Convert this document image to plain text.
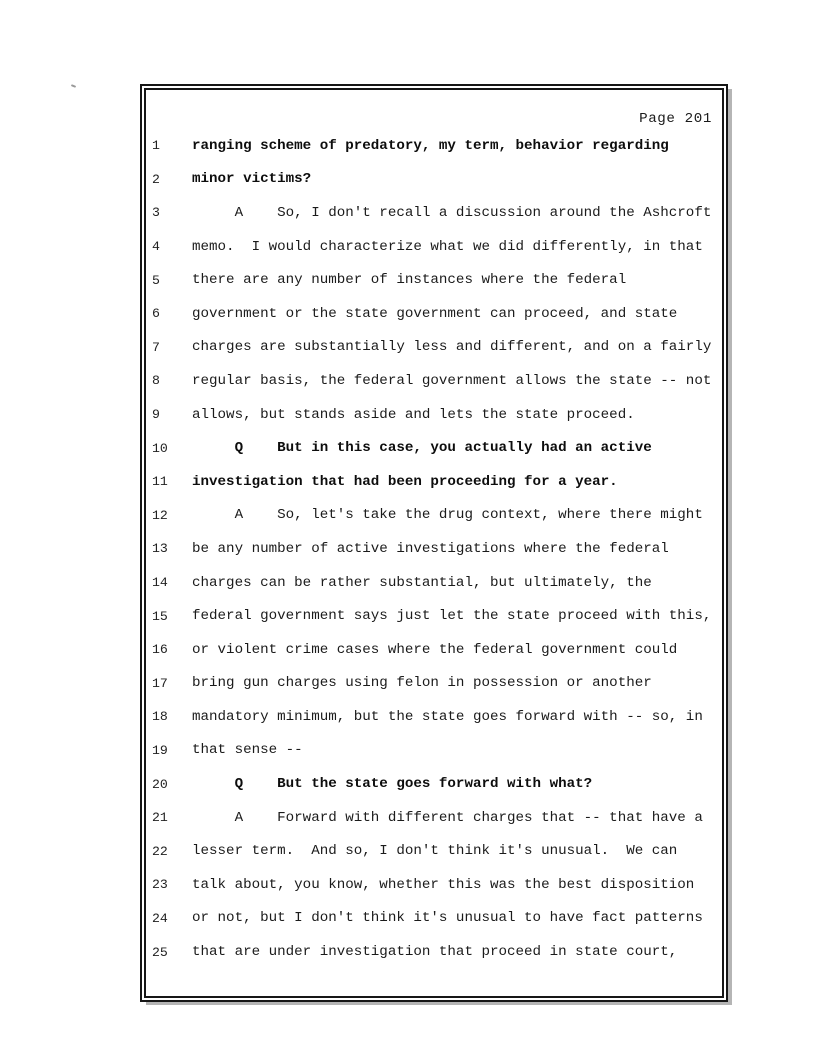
Page 201
1	ranging scheme of predatory, my term, behavior regarding
2	minor victims?
3	A    So, I don't recall a discussion around the Ashcroft
4	memo.  I would characterize what we did differently, in that
5	there are any number of instances where the federal
6	government or the state government can proceed, and state
7	charges are substantially less and different, and on a fairly
8	regular basis, the federal government allows the state -- not
9	allows, but stands aside and lets the state proceed.
10	Q    But in this case, you actually had an active
11	investigation that had been proceeding for a year.
12	A    So, let's take the drug context, where there might
13	be any number of active investigations where the federal
14	charges can be rather substantial, but ultimately, the
15	federal government says just let the state proceed with this,
16	or violent crime cases where the federal government could
17	bring gun charges using felon in possession or another
18	mandatory minimum, but the state goes forward with -- so, in
19	that sense --
20	Q    But the state goes forward with what?
21	A    Forward with different charges that -- that have a
22	lesser term.  And so, I don't think it's unusual.  We can
23	talk about, you know, whether this was the best disposition
24	or not, but I don't think it's unusual to have fact patterns
25	that are under investigation that proceed in state court,
